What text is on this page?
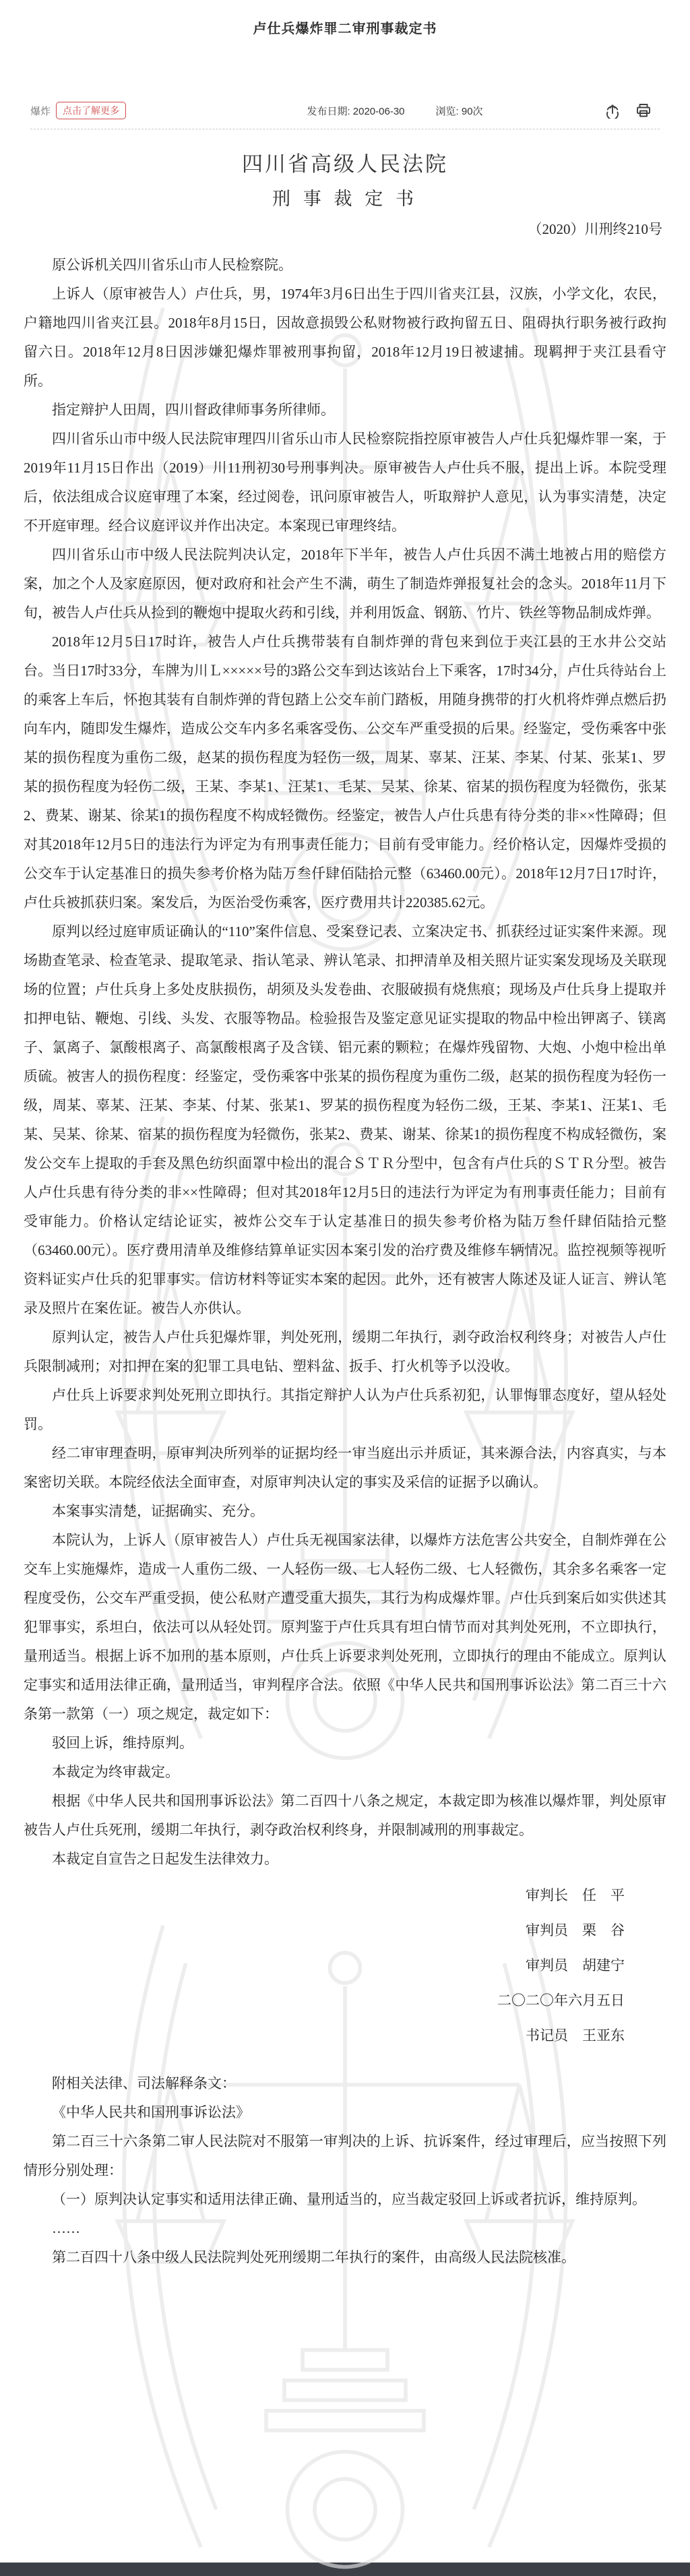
卢仕兵爆炸罪二审刑事裁定书
爆炸	点击了解更多	发布日期: 2020-06-30	浏览: 90次
四川省高级人民法院
刑 事 裁 定 书
（2020）川刑终210号

原公诉机关四川省乐山市人民检察院。

上诉人（原审被告人）卢仕兵，男，1974年3月6日出生于四川省夹江县，汉族，小学文化，农民，户籍地四川省夹江县。2018年8月15日，因故意损毁公私财物被行政拘留五日、阻碍执行职务被行政拘留六日。2018年12月8日因涉嫌犯爆炸罪被刑事拘留，2018年12月19日被逮捕。现羁押于夹江县看守所。

指定辩护人田周，四川督政律师事务所律师。

四川省乐山市中级人民法院审理四川省乐山市人民检察院指控原审被告人卢仕兵犯爆炸罪一案，于2019年11月15日作出（2019）川11刑初30号刑事判决。原审被告人卢仕兵不服，提出上诉。本院受理后，依法组成合议庭审理了本案，经过阅卷，讯问原审被告人，听取辩护人意见，认为事实清楚，决定不开庭审理。经合议庭评议并作出决定。本案现已审理终结。

四川省乐山市中级人民法院判决认定，2018年下半年，被告人卢仕兵因不满土地被占用的赔偿方案，加之个人及家庭原因，便对政府和社会产生不满，萌生了制造炸弹报复社会的念头。2018年11月下旬，被告人卢仕兵从捡到的鞭炮中提取火药和引线，并利用饭盒、钢筋、竹片、铁丝等物品制成炸弹。

2018年12月5日17时许，被告人卢仕兵携带装有自制炸弹的背包来到位于夹江县的王水井公交站台。当日17时33分，车牌为川Ｌ×××××号的3路公交车到达该站台上下乘客，17时34分，卢仕兵待站台上的乘客上车后，怀抱其装有自制炸弹的背包踏上公交车前门踏板，用随身携带的打火机将炸弹点燃后扔向车内，随即发生爆炸，造成公交车内多名乘客受伤、公交车严重受损的后果。经鉴定，受伤乘客中张某的损伤程度为重伤二级，赵某的损伤程度为轻伤一级，周某、辜某、汪某、李某、付某、张某1、罗某的损伤程度为轻伤二级，王某、李某1、汪某1、毛某、吴某、徐某、宿某的损伤程度为轻微伤，张某2、费某、谢某、徐某1的损伤程度不构成轻微伤。经鉴定，被告人卢仕兵患有待分类的非××性障碍；但对其2018年12月5日的违法行为评定为有刑事责任能力；目前有受审能力。经价格认定，因爆炸受损的公交车于认定基准日的损失参考价格为陆万叁仟肆佰陆拾元整（63460.00元）。2018年12月7日17时许，卢仕兵被抓获归案。案发后，为医治受伤乘客，医疗费用共计220385.62元。

原判以经过庭审质证确认的“110”案件信息、受案登记表、立案决定书、抓获经过证实案件来源。现场勘查笔录、检查笔录、提取笔录、指认笔录、辨认笔录、扣押清单及相关照片证实案发现场及关联现场的位置；卢仕兵身上多处皮肤损伤，胡须及头发卷曲、衣服破损有烧焦痕；现场及卢仕兵身上提取并扣押电钻、鞭炮、引线、头发、衣服等物品。检验报告及鉴定意见证实提取的物品中检出钾离子、镁离子、氯离子、氯酸根离子、高氯酸根离子及含镁、铝元素的颗粒；在爆炸残留物、大炮、小炮中检出单质硫。被害人的损伤程度：经鉴定，受伤乘客中张某的损伤程度为重伤二级，赵某的损伤程度为轻伤一级，周某、辜某、汪某、李某、付某、张某1、罗某的损伤程度为轻伤二级，王某、李某1、汪某1、毛某、吴某、徐某、宿某的损伤程度为轻微伤，张某2、费某、谢某、徐某1的损伤程度不构成轻微伤，案发公交车上提取的手套及黑色纺织面罩中检出的混合ＳＴＲ分型中，包含有卢仕兵的ＳＴＲ分型。被告人卢仕兵患有待分类的非××性障碍；但对其2018年12月5日的违法行为评定为有刑事责任能力；目前有受审能力。价格认定结论证实，被炸公交车于认定基准日的损失参考价格为陆万叁仟肆佰陆拾元整（63460.00元）。医疗费用清单及维修结算单证实因本案引发的治疗费及维修车辆情况。监控视频等视听资料证实卢仕兵的犯罪事实。信访材料等证实本案的起因。此外，还有被害人陈述及证人证言、辨认笔录及照片在案佐证。被告人亦供认。

原判认定，被告人卢仕兵犯爆炸罪，判处死刑，缓期二年执行，剥夺政治权利终身；对被告人卢仕兵限制减刑；对扣押在案的犯罪工具电钻、塑料盆、扳手、打火机等予以没收。

卢仕兵上诉要求判处死刑立即执行。其指定辩护人认为卢仕兵系初犯，认罪悔罪态度好，望从轻处罚。

经二审审理查明，原审判决所列举的证据均经一审当庭出示并质证，其来源合法，内容真实，与本案密切关联。本院经依法全面审查，对原审判决认定的事实及采信的证据予以确认。

本案事实清楚，证据确实、充分。

本院认为，上诉人（原审被告人）卢仕兵无视国家法律，以爆炸方法危害公共安全，自制炸弹在公交车上实施爆炸，造成一人重伤二级、一人轻伤一级、七人轻伤二级、七人轻微伤，其余多名乘客一定程度受伤，公交车严重受损，使公私财产遭受重大损失，其行为构成爆炸罪。卢仕兵到案后如实供述其犯罪事实，系坦白，依法可以从轻处罚。原判鉴于卢仕兵具有坦白情节而对其判处死刑，不立即执行，量刑适当。根据上诉不加刑的基本原则，卢仕兵上诉要求判处死刑，立即执行的理由不能成立。原判认定事实和适用法律正确，量刑适当，审判程序合法。依照《中华人民共和国刑事诉讼法》第二百三十六条第一款第（一）项之规定，裁定如下：

驳回上诉，维持原判。

本裁定为终审裁定。

根据《中华人民共和国刑事诉讼法》第二百四十八条之规定，本裁定即为核准以爆炸罪，判处原审被告人卢仕兵死刑，缓期二年执行，剥夺政治权利终身，并限制减刑的刑事裁定。

本裁定自宣告之日起发生法律效力。

审判长　任　平

审判员　栗　谷

审判员　胡建宁

二〇二〇年六月五日

书记员　王亚东

附相关法律、司法解释条文：

《中华人民共和国刑事诉讼法》

第二百三十六条第二审人民法院对不服第一审判决的上诉、抗诉案件，经过审理后，应当按照下列情形分别处理：

（一）原判决认定事实和适用法律正确、量刑适当的，应当裁定驳回上诉或者抗诉，维持原判。

……

第二百四十八条中级人民法院判处死刑缓期二年执行的案件，由高级人民法院核准。
